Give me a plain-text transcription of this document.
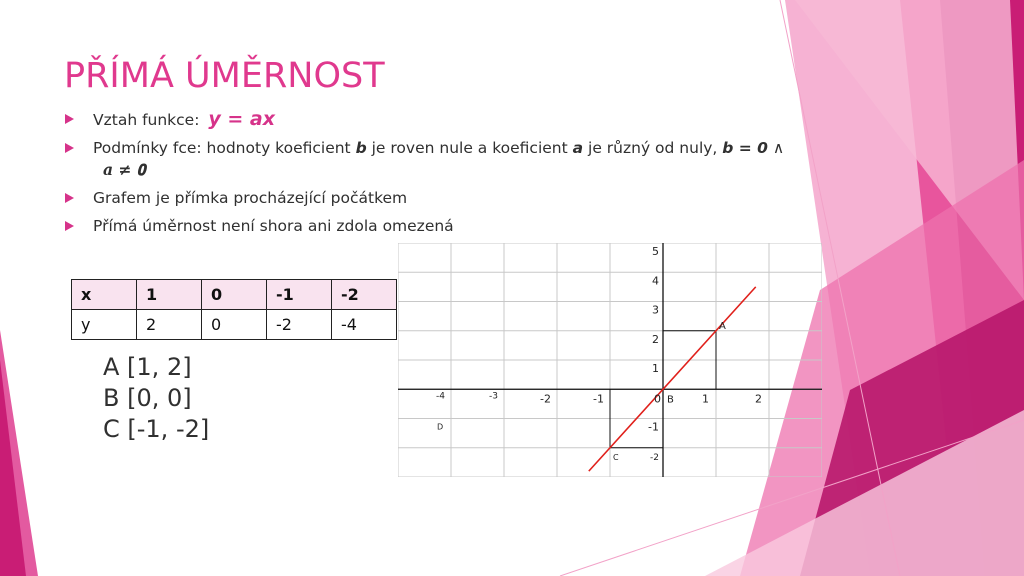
PŘÍMÁ ÚMĚRNOST
Vztah funkce: y = ax
Podmínky fce: hodnoty koeficient b je roven nule a koeficient a je různý od nuly, b = 0 ∧
𝒂 ≠ 𝟎
Grafem je přímka procházející počátkem
Přímá úměrnost není shora ani zdola omezená
x	1	0	-1	-2
y	2	0	-2	-4
A [1, 2]
B [0, 0]
C [-1, -2]
-4	-3	-2	-1	0	1	2
5
4
3
2
1
-1
-2
A
B
C
D
